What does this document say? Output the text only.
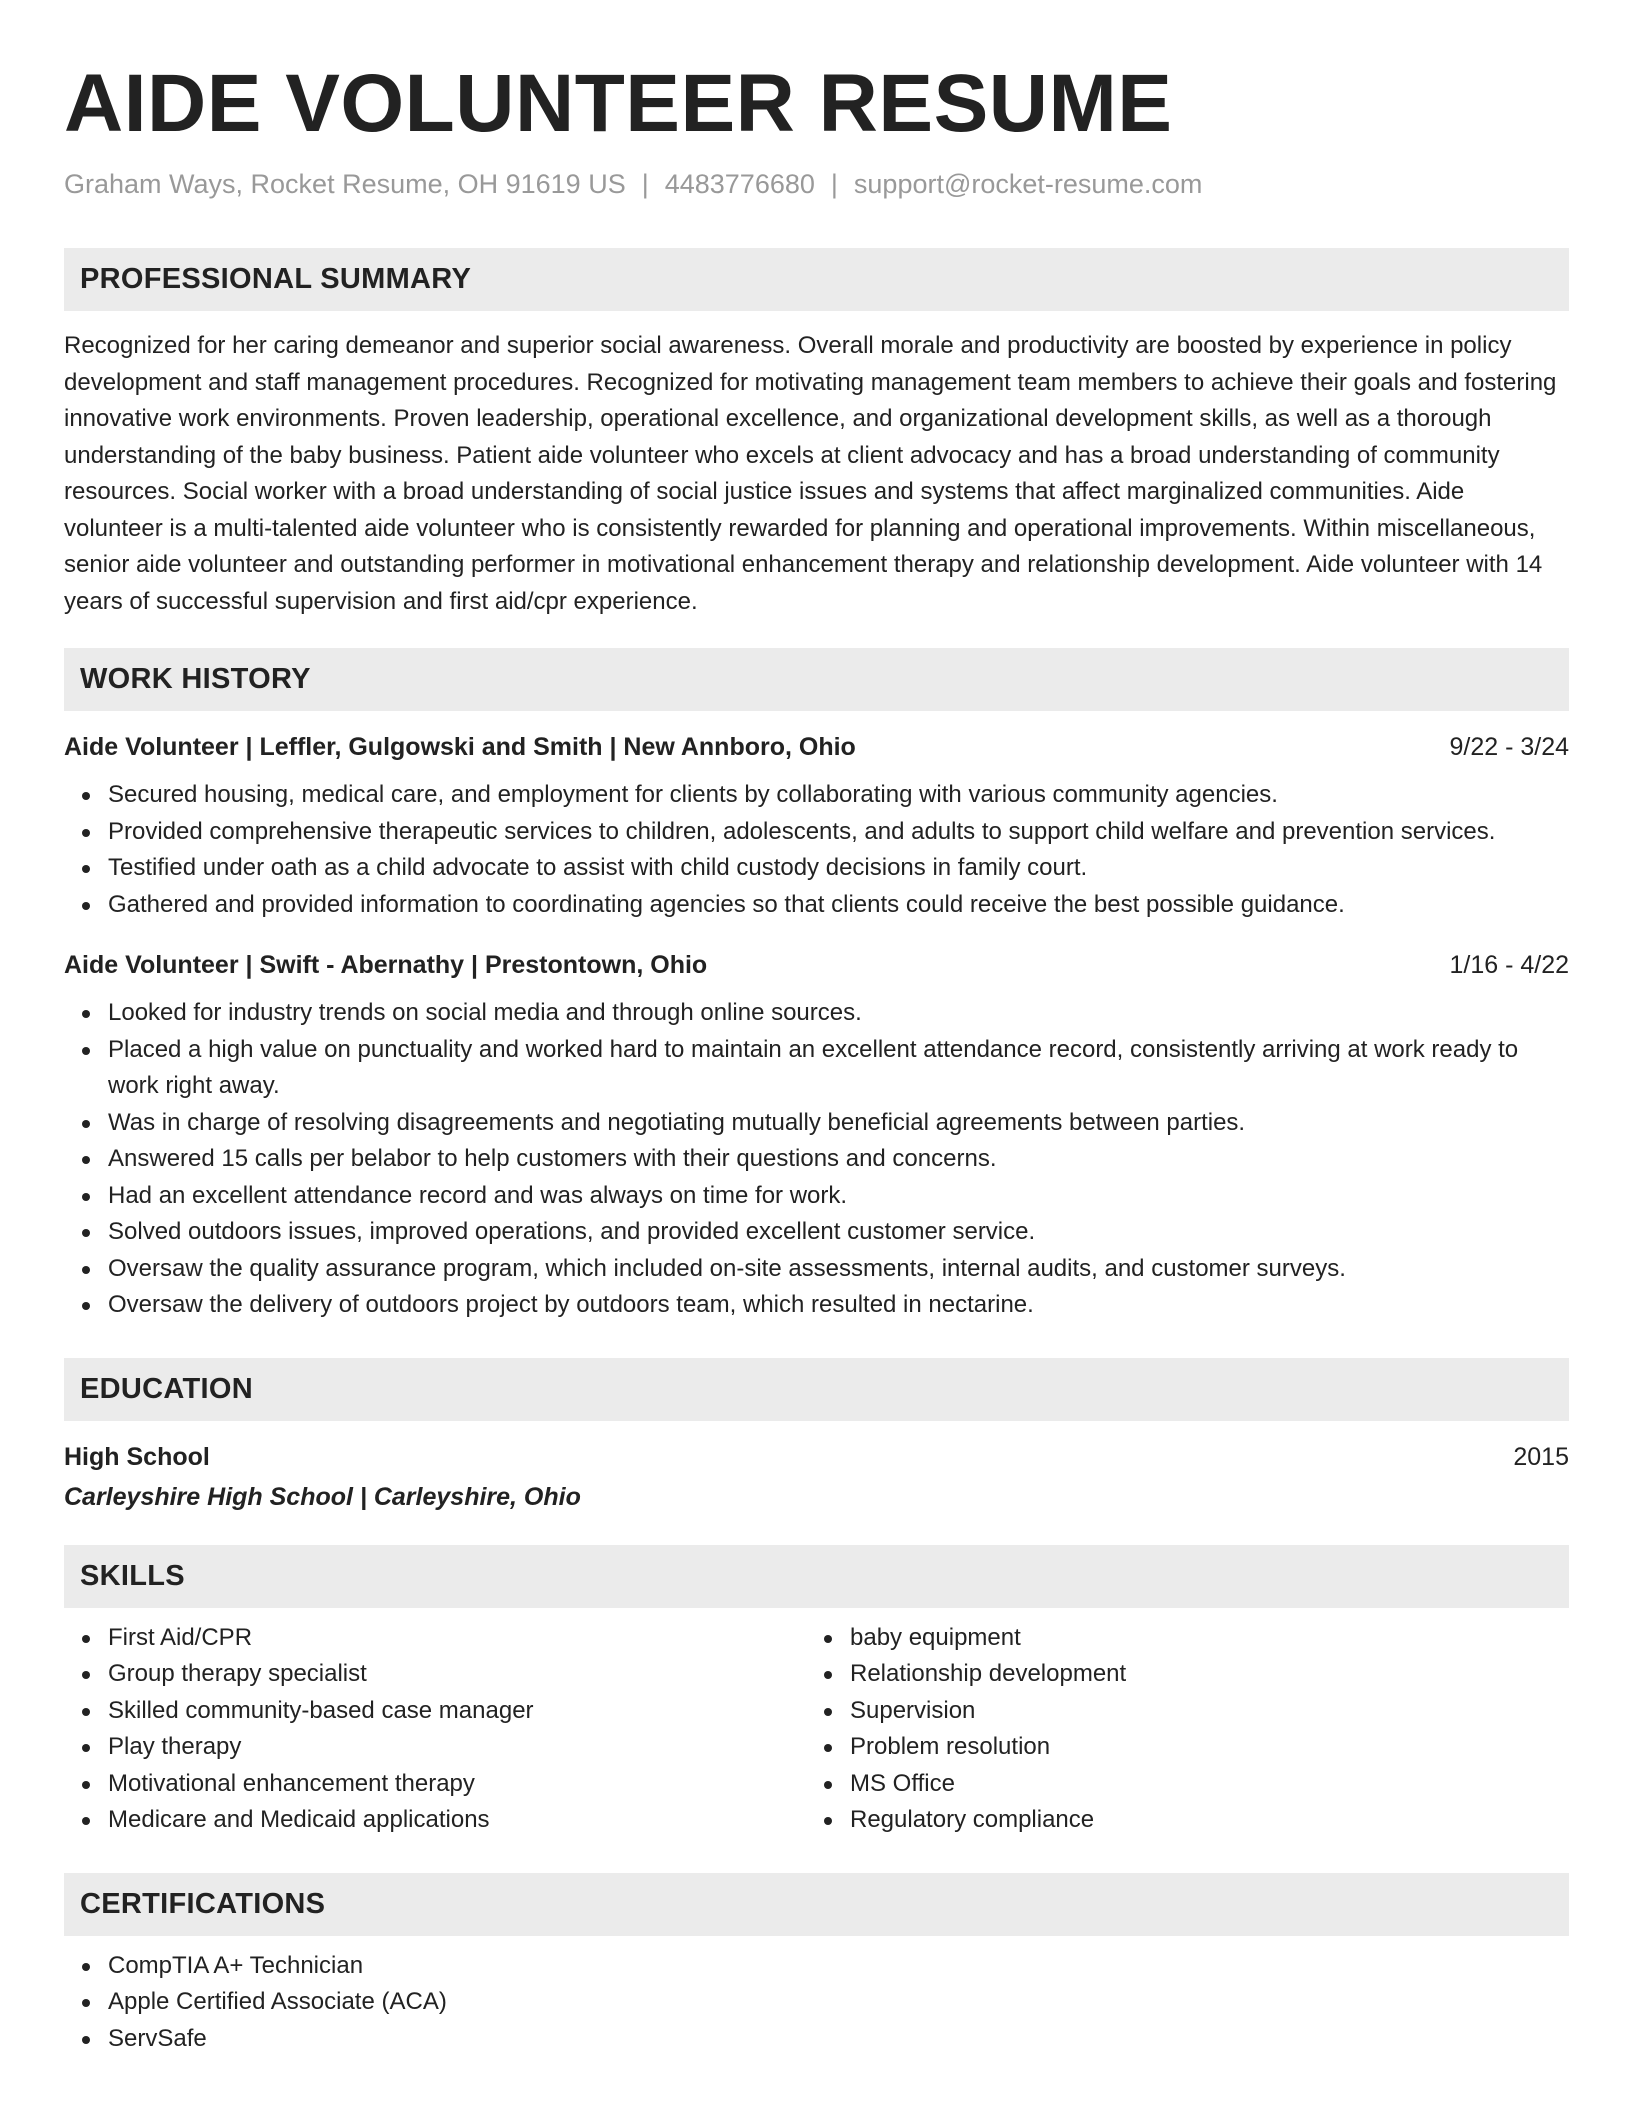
AIDE VOLUNTEER RESUME
Graham Ways, Rocket Resume, OH 91619 US | 4483776680 | support@rocket-resume.com
PROFESSIONAL SUMMARY

Recognized for her caring demeanor and superior social awareness. Overall morale and productivity are boosted by experience in policy development and staff management procedures. Recognized for motivating management team members to achieve their goals and fostering innovative work environments. Proven leadership, operational excellence, and organizational development skills, as well as a thorough understanding of the baby business. Patient aide volunteer who excels at client advocacy and has a broad understanding of community resources. Social worker with a broad understanding of social justice issues and systems that affect marginalized communities. Aide volunteer is a multi-talented aide volunteer who is consistently rewarded for planning and operational improvements. Within miscellaneous, senior aide volunteer and outstanding performer in motivational enhancement therapy and relationship development. Aide volunteer with 14 years of successful supervision and first aid/cpr experience.

WORK HISTORY
Aide Volunteer | Leffler, Gulgowski and Smith | New Annboro, Ohio	9/22 - 3/24
Secured housing, medical care, and employment for clients by collaborating with various community agencies.
Provided comprehensive therapeutic services to children, adolescents, and adults to support child welfare and prevention services.
Testified under oath as a child advocate to assist with child custody decisions in family court.
Gathered and provided information to coordinating agencies so that clients could receive the best possible guidance.
Aide Volunteer | Swift - Abernathy | Prestontown, Ohio	1/16 - 4/22
Looked for industry trends on social media and through online sources.
Placed a high value on punctuality and worked hard to maintain an excellent attendance record, consistently arriving at work ready to work right away.
Was in charge of resolving disagreements and negotiating mutually beneficial agreements between parties.
Answered 15 calls per belabor to help customers with their questions and concerns.
Had an excellent attendance record and was always on time for work.
Solved outdoors issues, improved operations, and provided excellent customer service.
Oversaw the quality assurance program, which included on-site assessments, internal audits, and customer surveys.
Oversaw the delivery of outdoors project by outdoors team, which resulted in nectarine.
EDUCATION
High School	2015
Carleyshire High School | Carleyshire, Ohio
SKILLS
First Aid/CPR
Group therapy specialist
Skilled community-based case manager
Play therapy
Motivational enhancement therapy
Medicare and Medicaid applications
baby equipment
Relationship development
Supervision
Problem resolution
MS Office
Regulatory compliance
CERTIFICATIONS
CompTIA A+ Technician
Apple Certified Associate (ACA)
ServSafe
